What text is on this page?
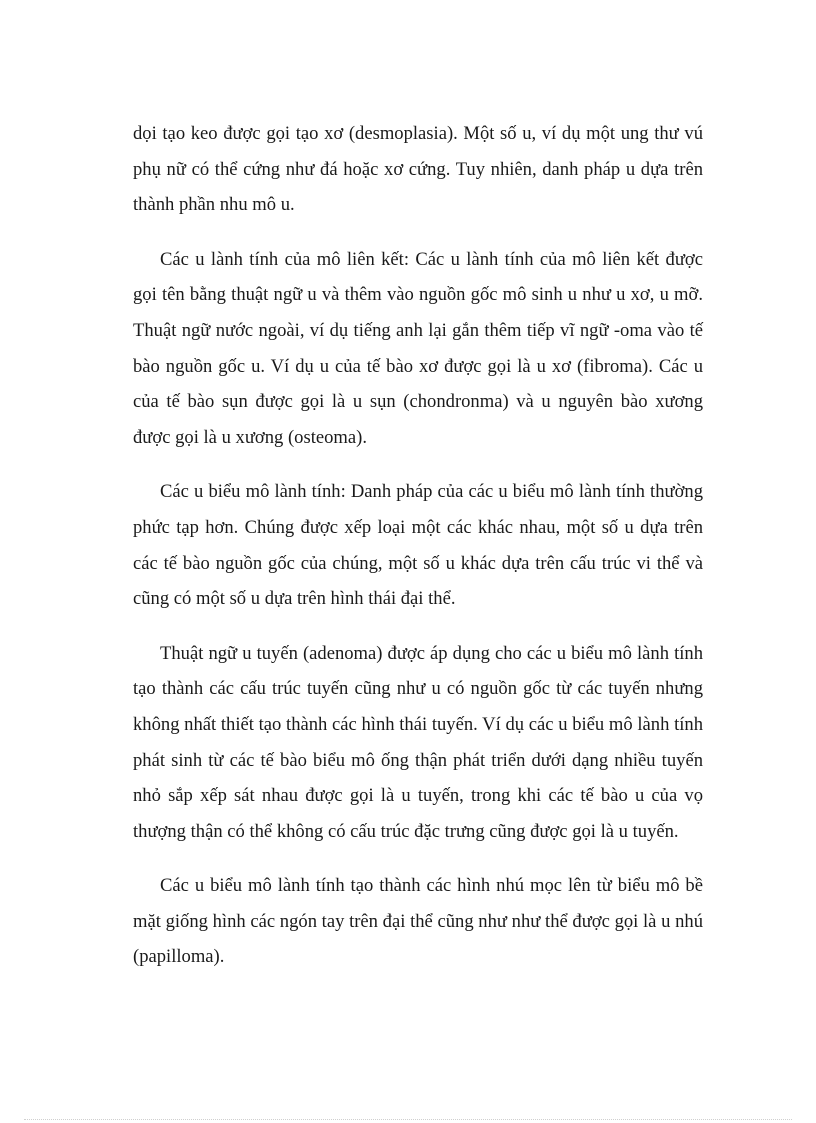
dọi tạo keo được gọi tạo xơ (desmoplasia). Một số u, ví dụ một ung thư vú phụ nữ có thể cứng như đá hoặc xơ cứng. Tuy nhiên, danh pháp u dựa trên thành phần nhu mô u.

Các u lành tính của mô liên kết: Các u lành tính của mô liên kết được gọi tên bằng thuật ngữ u và thêm vào nguồn gốc mô sinh u như u xơ, u mỡ. Thuật ngữ nước ngoài, ví dụ tiếng anh lại gắn thêm tiếp vĩ ngữ -oma vào tế bào nguồn gốc u. Ví dụ u của tế bào xơ được gọi là u xơ (fibroma). Các u của tế bào sụn được gọi là u sụn (chondronma) và u nguyên bào xương được gọi là u xương (osteoma).

Các u biểu mô lành tính: Danh pháp của các u biểu mô lành tính thường phức tạp hơn. Chúng được xếp loại một các khác nhau, một số u dựa trên các tế bào nguồn gốc của chúng, một số u khác dựa trên cấu trúc vi thể và cũng có một số u dựa trên hình thái đại thể.

Thuật ngữ u tuyến (adenoma) được áp dụng cho các u biểu mô lành tính tạo thành các cấu trúc tuyến cũng như u có nguồn gốc từ các tuyến nhưng không nhất thiết tạo thành các hình thái tuyến. Ví dụ các u biểu mô lành tính phát sinh từ các tế bào biểu mô ống thận phát triển dưới dạng nhiều tuyến nhỏ sắp xếp sát nhau được gọi là u tuyến, trong khi các tế bào u của vọ thượng thận có thể không có cấu trúc đặc trưng cũng được gọi là u tuyến.

Các u biểu mô lành tính tạo thành các hình nhú mọc lên từ biểu mô bề mặt giống hình các ngón tay trên đại thể cũng như như thể được gọi là u nhú (papilloma).
